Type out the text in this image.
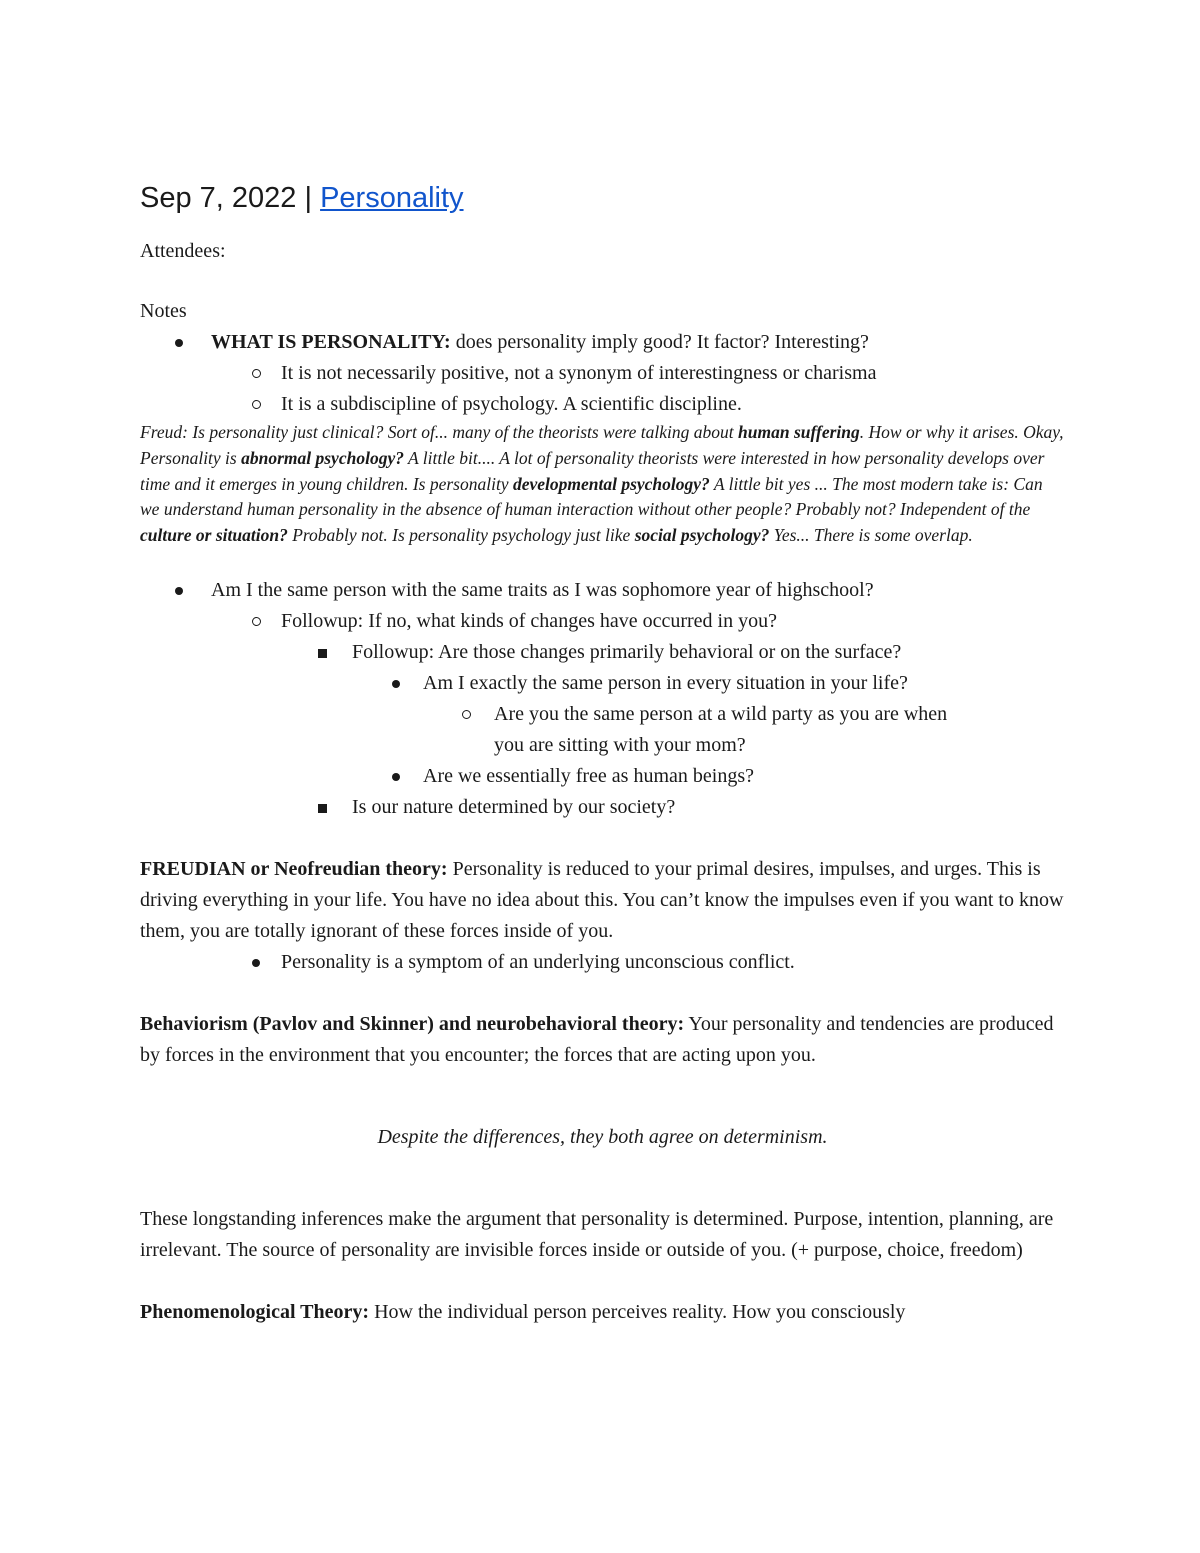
Sep 7, 2022 | Personality

Attendees:

Notes

WHAT IS PERSONALITY: does personality imply good? It factor? Interesting?
It is not necessarily positive, not a synonym of interestingness or charisma
It is a subdiscipline of psychology. A scientific discipline.

Freud: Is personality just clinical? Sort of... many of the theorists were talking about human suffering. How or why it arises. Okay, Personality is abnormal psychology? A little bit.... A lot of personality theorists were interested in how personality develops over time and it emerges in young children. Is personality developmental psychology? A little bit yes ... The most modern take is: Can we understand human personality in the absence of human interaction without other people? Probably not? Independent of the culture or situation? Probably not. Is personality psychology just like social psychology? Yes... There is some overlap.

Am I the same person with the same traits as I was sophomore year of highschool?
Followup: If no, what kinds of changes have occurred in you?
Followup: Are those changes primarily behavioral or on the surface?
Am I exactly the same person in every situation in your life?
Are you the same person at a wild party as you are when
you are sitting with your mom?
Are we essentially free as human beings?
Is our nature determined by our society?

FREUDIAN or Neofreudian theory: Personality is reduced to your primal desires, impulses, and urges. This is driving everything in your life. You have no idea about this. You can’t know the impulses even if you want to know them, you are totally ignorant of these forces inside of you.

Personality is a symptom of an underlying unconscious conflict.

Behaviorism (Pavlov and Skinner) and neurobehavioral theory: Your personality and tendencies are produced by forces in the environment that you encounter; the forces that are acting upon you.

Despite the differences, they both agree on determinism.

These longstanding inferences make the argument that personality is determined. Purpose, intention, planning, are irrelevant. The source of personality are invisible forces inside or outside of you. (+ purpose, choice, freedom)

Phenomenological Theory: How the individual person perceives reality. How you consciously
